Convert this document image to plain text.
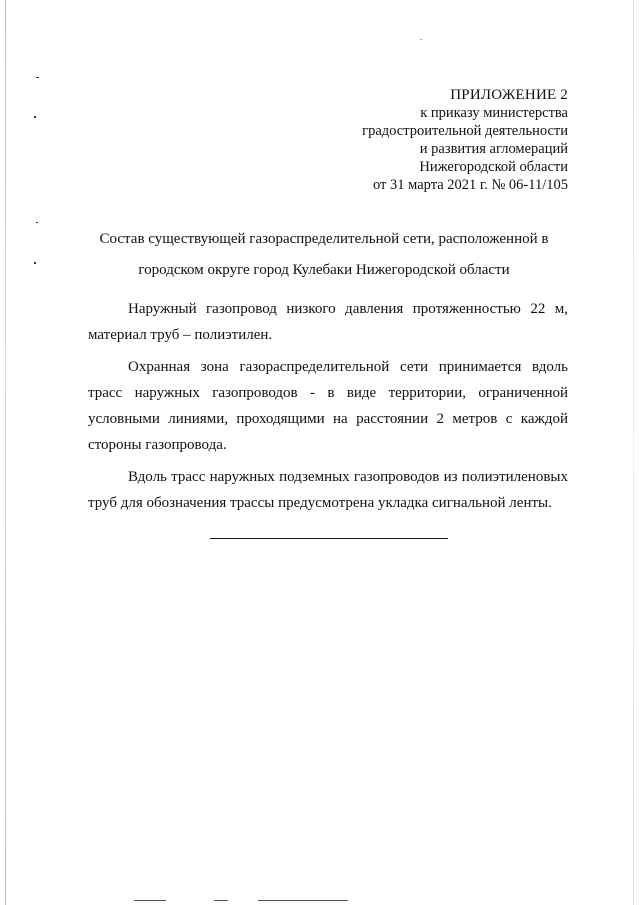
ПРИЛОЖЕНИЕ 2
к приказу министерства
градостроительной деятельности
и развития агломераций
Нижегородской области
от 31 марта 2021 г. № 06-11/105
Состав существующей газораспределительной сети, расположенной в
городском округе город Кулебаки Нижегородской области

Наружный газопровод низкого давления протяженностью 22 м, материал труб – полиэтилен.

Охранная зона газораспределительной сети принимается вдоль трасс наружных газопроводов - в виде территории, ограниченной условными линиями, проходящими на расстоянии 2 метров с каждой стороны газопровода.

Вдоль трасс наружных подземных газопроводов из полиэтиленовых труб для обозначения трассы предусмотрена укладка сигнальной ленты.
